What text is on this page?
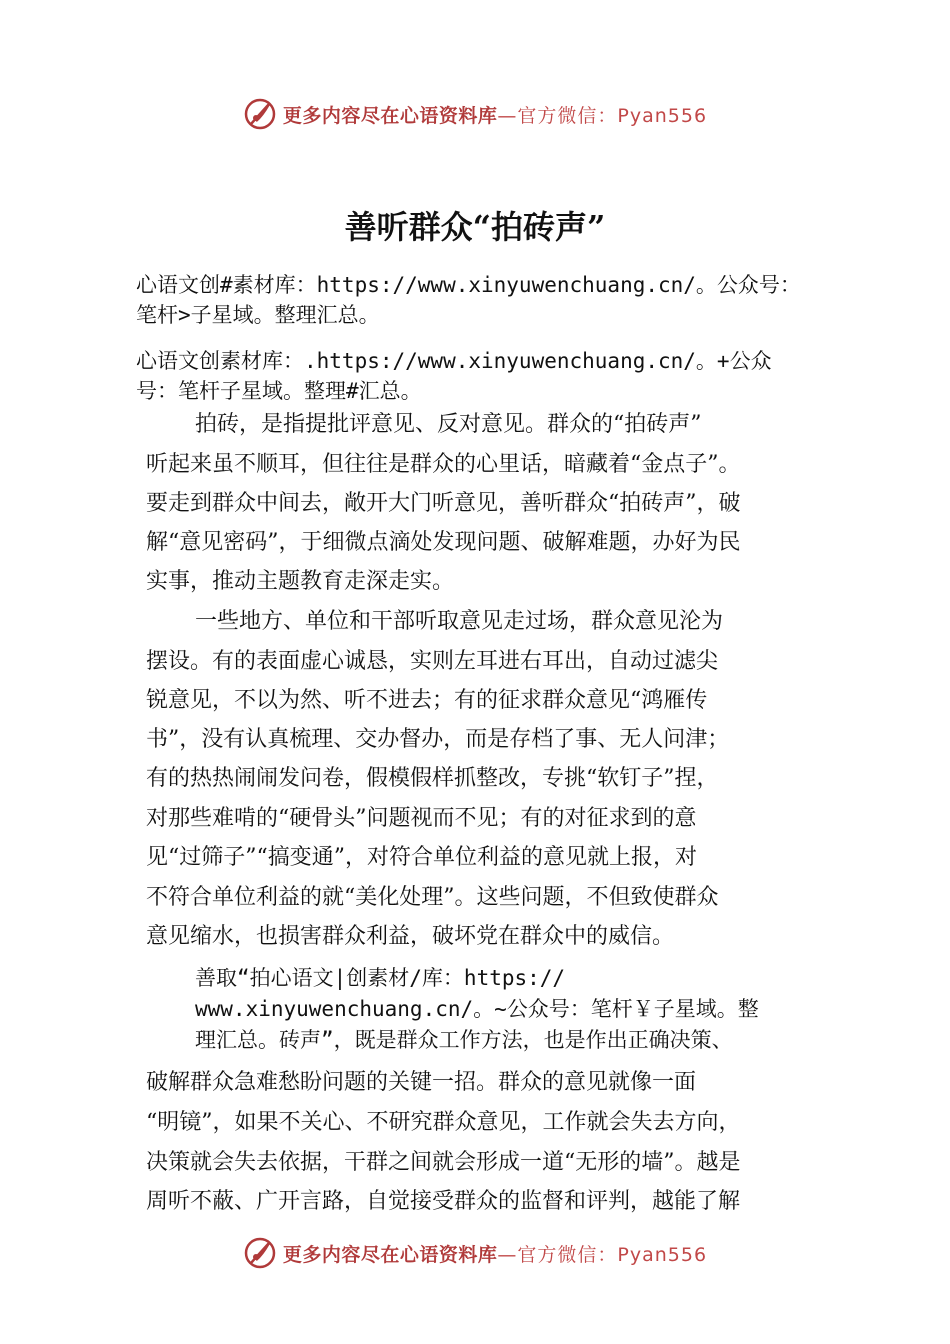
更多内容尽在心语资料库 —官方微信：Pyan556
善听群众“拍砖声”
心语文创#素材库：https://www.xinyuwenchuang.cn/。公众号：
笔杆>子星域。整理汇总。
心语文创素材库：.https://www.xinyuwenchuang.cn/。+公众
号：笔杆子星域。整理#汇总。
拍砖，是指提批评意见、反对意见。群众的“拍砖声”
听起来虽不顺耳，但往往是群众的心里话，暗藏着“金点子”。
要走到群众中间去，敞开大门听意见，善听群众“拍砖声”，破
解“意见密码”，于细微点滴处发现问题、破解难题，办好为民
实事，推动主题教育走深走实。
一些地方、单位和干部听取意见走过场，群众意见沦为
摆设。有的表面虚心诚恳，实则左耳进右耳出，自动过滤尖
锐意见，不以为然、听不进去；有的征求群众意见“鸿雁传
书”，没有认真梳理、交办督办，而是存档了事、无人问津；
有的热热闹闹发问卷，假模假样抓整改，专挑“软钉子”捏，
对那些难啃的“硬骨头”问题视而不见；有的对征求到的意
见“过筛子”“搞变通”，对符合单位利益的意见就上报，对
不符合单位利益的就“美化处理”。这些问题，不但致使群众
意见缩水，也损害群众利益，破坏党在群众中的威信。
善取“拍心语文|创素材/库：https://
www.xinyuwenchuang.cn/。~公众号：笔杆￥子星域。整
理汇总。砖声”，既是群众工作方法，也是作出正确决策、
破解群众急难愁盼问题的关键一招。群众的意见就像一面
“明镜”，如果不关心、不研究群众意见，工作就会失去方向，
决策就会失去依据，干群之间就会形成一道“无形的墙”。越是
周听不蔽、广开言路，自觉接受群众的监督和评判，越能了解
更多内容尽在心语资料库 —官方微信：Pyan556
